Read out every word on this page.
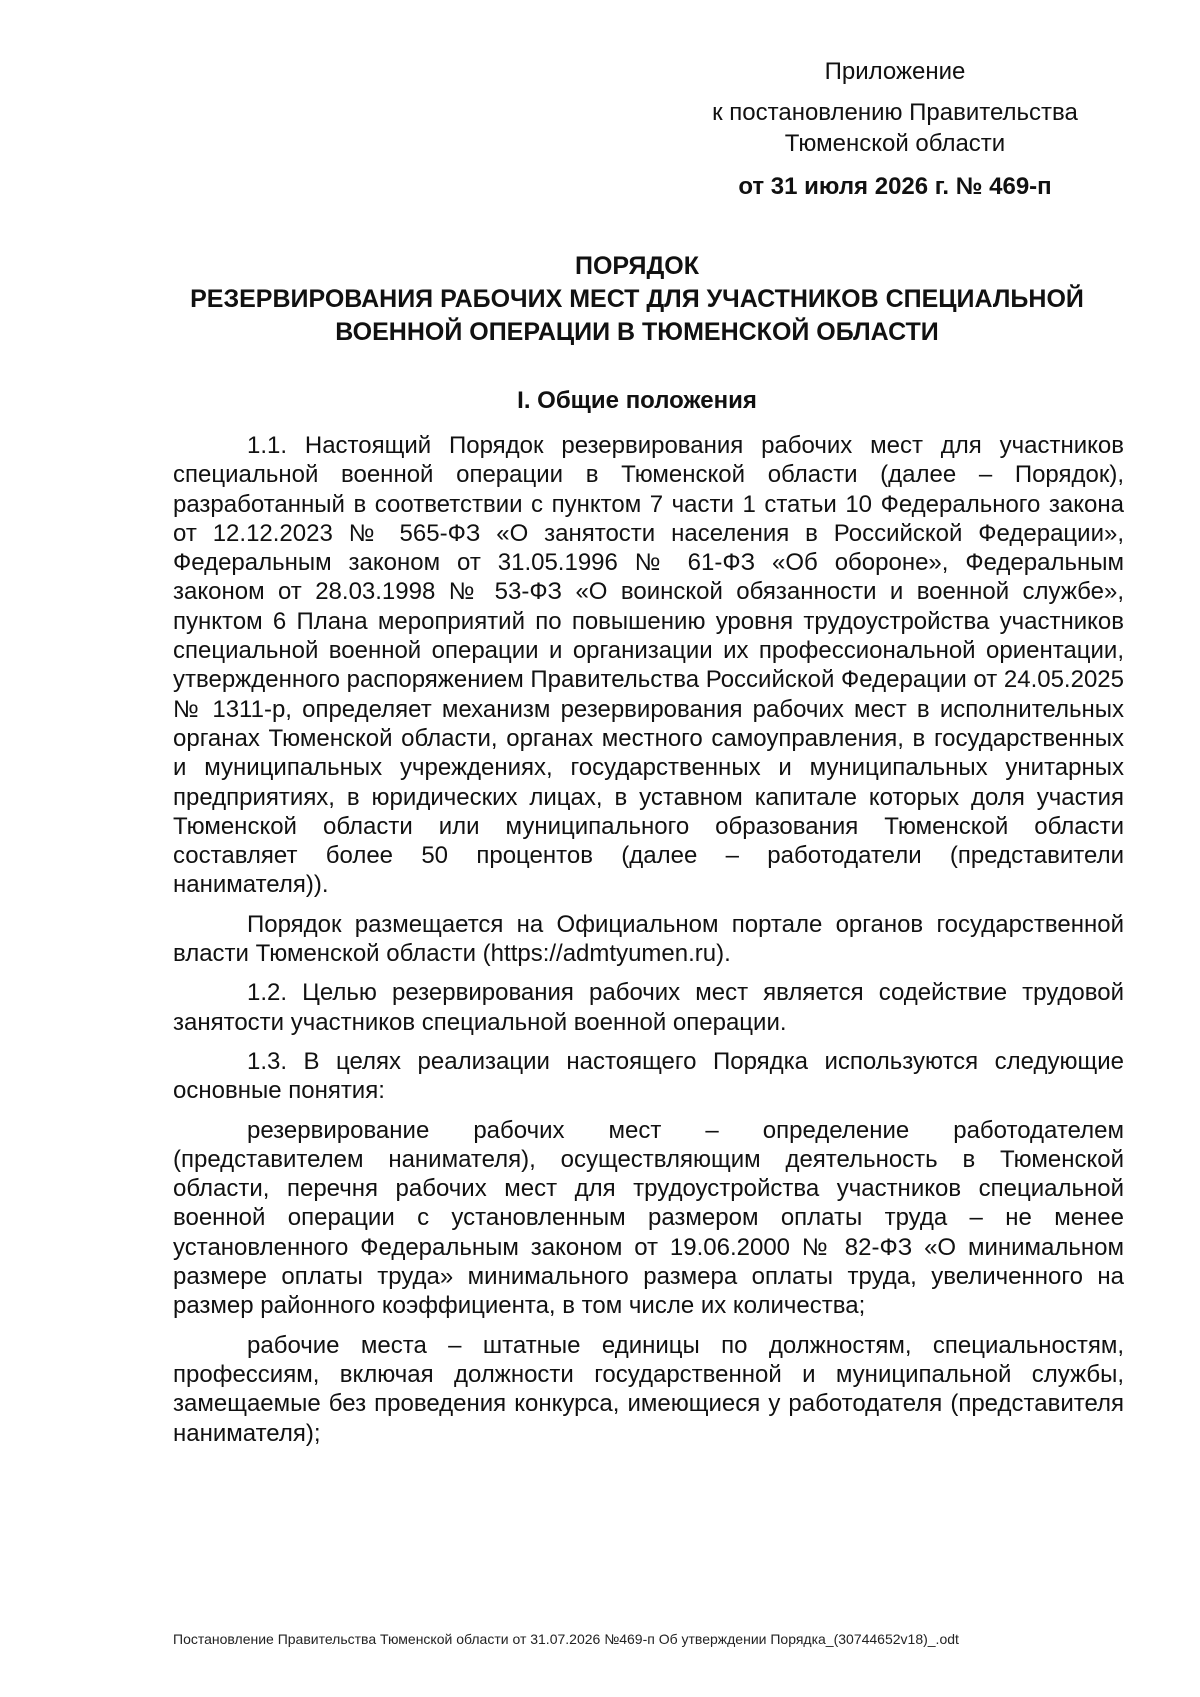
Приложение
к постановлению Правительства
Тюменской области
от 31 июля 2026 г. № 469-п
ПОРЯДОК
РЕЗЕРВИРОВАНИЯ РАБОЧИХ МЕСТ ДЛЯ УЧАСТНИКОВ СПЕЦИАЛЬНОЙ
ВОЕННОЙ ОПЕРАЦИИ В ТЮМЕНСКОЙ ОБЛАСТИ
I. Общие положения

1.1. Настоящий Порядок резервирования рабочих мест для участников специальной военной операции в Тюменской области (далее – Порядок), разработанный в соответствии с пунктом 7 части 1 статьи 10 Федерального закона от 12.12.2023 № 565-ФЗ «О занятости населения в Российской Федерации», Федеральным законом от 31.05.1996 № 61-ФЗ «Об обороне», Федеральным законом от 28.03.1998 № 53-ФЗ «О воинской обязанности и военной службе», пунктом 6 Плана мероприятий по повышению уровня трудоустройства участников специальной военной операции и организации их профессиональной ориентации, утвержденного распоряжением Правительства Российской Федерации от 24.05.2025 № 1311-р, определяет механизм резервирования рабочих мест в исполнительных органах Тюменской области, органах местного самоуправления, в государственных и муниципальных учреждениях, государственных и муниципальных унитарных предприятиях, в юридических лицах, в уставном капитале которых доля участия Тюменской области или муниципального образования Тюменской области составляет более 50 процентов (далее – работодатели (представители нанимателя)).

Порядок размещается на Официальном портале органов государственной власти Тюменской области (https://admtyumen.ru).

1.2. Целью резервирования рабочих мест является содействие трудовой занятости участников специальной военной операции.

1.3. В целях реализации настоящего Порядка используются следующие основные понятия:

резервирование рабочих мест – определение работодателем (представителем нанимателя), осуществляющим деятельность в Тюменской области, перечня рабочих мест для трудоустройства участников специальной военной операции с установленным размером оплаты труда – не менее установленного Федеральным законом от 19.06.2000 № 82-ФЗ «О минимальном размере оплаты труда» минимального размера оплаты труда, увеличенного на размер районного коэффициента, в том числе их количества;

рабочие места – штатные единицы по должностям, специальностям, профессиям, включая должности государственной и муниципальной службы, замещаемые без проведения конкурса, имеющиеся у работодателя (представителя нанимателя);

Постановление Правительства Тюменской области от 31.07.2026 №469-п Об утверждении Порядка_(30744652v18)_.odt
